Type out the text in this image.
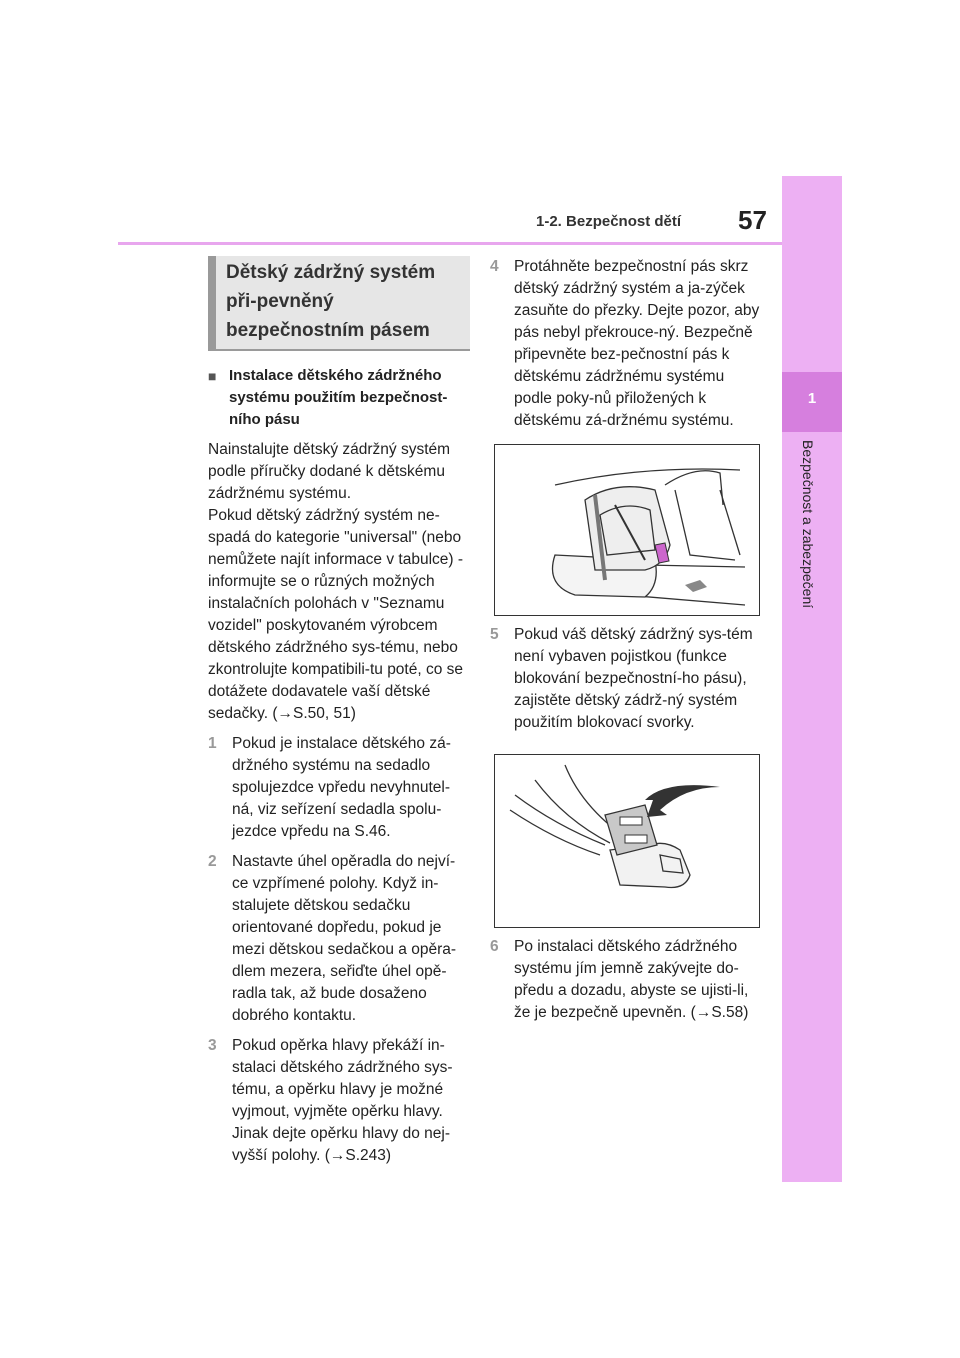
1-2. Bezpečnost dětí 57
1
Bezpečnost a zabezpečení
Dětský zádržný systém při-pevněný bezpečnostním pásem
■ Instalace dětského zádržného systému použitím bezpečnost-ního pásu
Nainstalujte dětský zádržný systém podle příručky dodané k dětskému zádržnému systému.
Pokud dětský zádržný systém ne-spadá do kategorie "universal" (nebo nemůžete najít informace v tabulce) - informujte se o různých možných instalačních polohách v "Seznamu vozidel" poskytovaném výrobcem dětského zádržného sys-tému, nebo zkontrolujte kompatibili-tu poté, co se dotážete dodavatele vaší dětské sedačky. (→S.50, 51)
1 Pokud je instalace dětského zá-držného systému na sedadlo spolujezdce vpředu nevyhnutel-ná, viz seřízení sedadla spolu-jezdce vpředu na S.46.
2 Nastavte úhel opěradla do nejví-ce vzpřímené polohy. Když in-stalujete dětskou sedačku orientované dopředu, pokud je mezi dětskou sedačkou a opěra-dlem mezera, seřiďte úhel opě-radla tak, až bude dosaženo dobrého kontaktu.
3 Pokud opěrka hlavy překáží in-stalaci dětského zádržného sys-tému, a opěrku hlavy je možné vyjmout, vyjměte opěrku hlavy. Jinak dejte opěrku hlavy do nej-vyšší polohy. (→S.243)
4 Protáhněte bezpečnostní pás skrz dětský zádržný systém a ja-zýček zasuňte do přezky. Dejte pozor, aby pás nebyl překrouce-ný. Bezpečně připevněte bez-pečnostní pás k dětskému zádržnému systému podle poky-nů přiložených k dětskému zá-držnému systému.
5 Pokud váš dětský zádržný sys-tém není vybaven pojistkou (funkce blokování bezpečnostní-ho pásu), zajistěte dětský zádrž-ný systém použitím blokovací svorky.
6 Po instalaci dětského zádržného systému jím jemně zakývejte do-předu a dozadu, abyste se ujisti-li, že je bezpečně upevněn. (→S.58)
